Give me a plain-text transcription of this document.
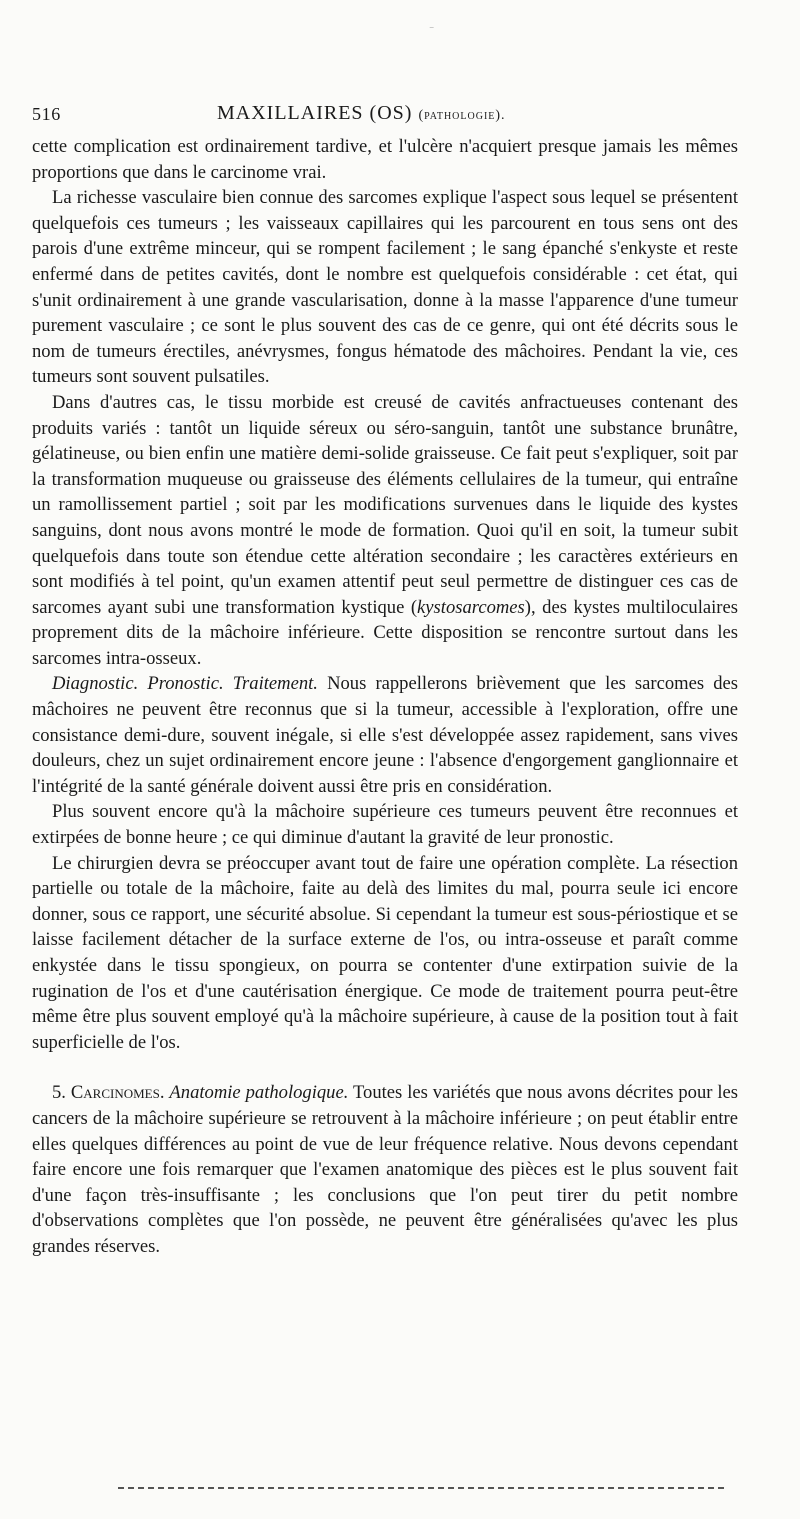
‾
516	MAXILLAIRES (OS) (pathologie).

cette complication est ordinairement tardive, et l'ulcère n'acquiert presque jamais les mêmes proportions que dans le carcinome vrai.

La richesse vasculaire bien connue des sarcomes explique l'aspect sous lequel se présentent quelquefois ces tumeurs ; les vaisseaux capillaires qui les parcourent en tous sens ont des parois d'une extrême minceur, qui se rompent facilement ; le sang épanché s'enkyste et reste enfermé dans de petites cavités, dont le nombre est quelquefois considérable : cet état, qui s'unit ordinairement à une grande vascularisation, donne à la masse l'apparence d'une tumeur purement vasculaire ; ce sont le plus souvent des cas de ce genre, qui ont été décrits sous le nom de tumeurs érectiles, anévrysmes, fongus hématode des mâchoires. Pendant la vie, ces tumeurs sont souvent pulsatiles.

Dans d'autres cas, le tissu morbide est creusé de cavités anfractueuses contenant des produits variés : tantôt un liquide séreux ou séro-sanguin, tantôt une substance brunâtre, gélatineuse, ou bien enfin une matière demi-solide graisseuse. Ce fait peut s'expliquer, soit par la transformation muqueuse ou graisseuse des éléments cellulaires de la tumeur, qui entraîne un ramollissement partiel ; soit par les modifications survenues dans le liquide des kystes sanguins, dont nous avons montré le mode de formation. Quoi qu'il en soit, la tumeur subit quelquefois dans toute son étendue cette altération secondaire ; les caractères extérieurs en sont modifiés à tel point, qu'un examen attentif peut seul permettre de distinguer ces cas de sarcomes ayant subi une transformation kystique (kystosarcomes), des kystes multiloculaires proprement dits de la mâchoire inférieure. Cette disposition se rencontre surtout dans les sarcomes intra-osseux.

Diagnostic. Pronostic. Traitement. Nous rappellerons brièvement que les sarcomes des mâchoires ne peuvent être reconnus que si la tumeur, accessible à l'exploration, offre une consistance demi-dure, souvent inégale, si elle s'est développée assez rapidement, sans vives douleurs, chez un sujet ordinairement encore jeune : l'absence d'engorgement ganglionnaire et l'intégrité de la santé générale doivent aussi être pris en considération.

Plus souvent encore qu'à la mâchoire supérieure ces tumeurs peuvent être reconnues et extirpées de bonne heure ; ce qui diminue d'autant la gravité de leur pronostic.

Le chirurgien devra se préoccuper avant tout de faire une opération complète. La résection partielle ou totale de la mâchoire, faite au delà des limites du mal, pourra seule ici encore donner, sous ce rapport, une sécurité absolue. Si cependant la tumeur est sous-périostique et se laisse facilement détacher de la surface externe de l'os, ou intra-osseuse et paraît comme enkystée dans le tissu spongieux, on pourra se contenter d'une extirpation suivie de la rugination de l'os et d'une cautérisation énergique. Ce mode de traitement pourra peut-être même être plus souvent employé qu'à la mâchoire supérieure, à cause de la position tout à fait superficielle de l'os.

5. Carcinomes. Anatomie pathologique. Toutes les variétés que nous avons décrites pour les cancers de la mâchoire supérieure se retrouvent à la mâchoire inférieure ; on peut établir entre elles quelques différences au point de vue de leur fréquence relative. Nous devons cependant faire encore une fois remarquer que l'examen anatomique des pièces est le plus souvent fait d'une façon très-insuffisante ; les conclusions que l'on peut tirer du petit nombre d'observations complètes que l'on possède, ne peuvent être généralisées qu'avec les plus grandes réserves.
